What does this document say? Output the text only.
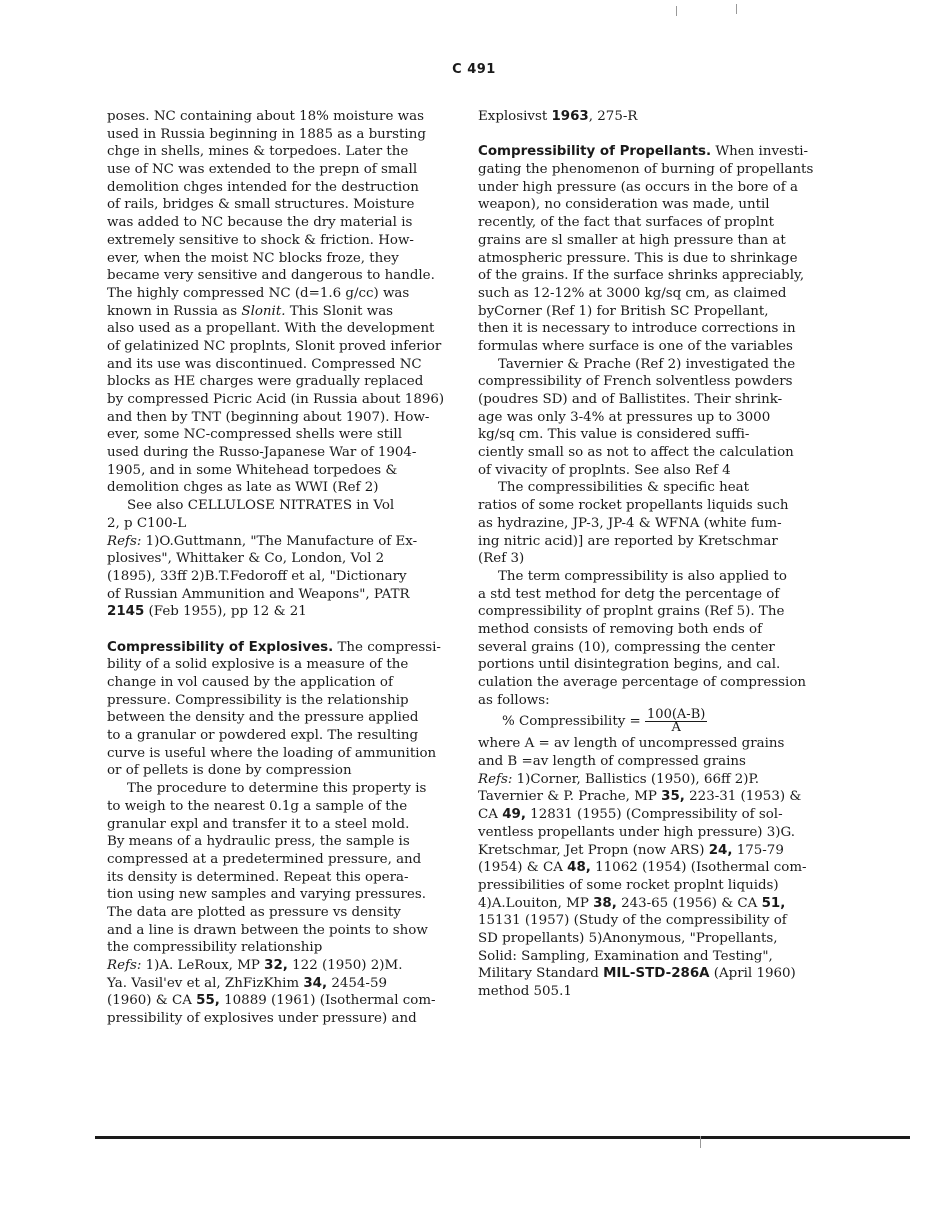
C 491
poses. NC containing about 18% moisture was
used in Russia beginning in 1885 as a bursting
chge in shells, mines & torpedoes. Later the
use of NC was extended to the prepn of small
demolition chges intended for the destruction
of rails, bridges & small structures. Moisture
was added to NC because the dry material is
extremely sensitive to shock & friction. How-
ever, when the moist NC blocks froze, they
became very sensitive and dangerous to handle.
The highly compressed NC (d=1.6 g/cc) was
known in Russia as Slonit. This Slonit was
also used as a propellant. With the development
of gelatinized NC proplnts, Slonit proved inferior
and its use was discontinued. Compressed NC
blocks as HE charges were gradually replaced
by compressed Picric Acid (in Russia about 1896)
and then by TNT (beginning about 1907). How-
ever, some NC-compressed shells were still
used during the Russo-Japanese War of 1904-
1905, and in some Whitehead torpedoes &
demolition chges as late as WWI (Ref 2)
See also CELLULOSE NITRATES in Vol
2, p C100-L
Refs: 1)O.Guttmann, "The Manufacture of Ex-
plosives", Whittaker & Co, London, Vol 2
(1895), 33ff 2)B.T.Fedoroff et al, "Dictionary
of Russian Ammunition and Weapons", PATR
2145 (Feb 1955), pp 12 & 21
Compressibility of Explosives. The compressi-
bility of a solid explosive is a measure of the
change in vol caused by the application of
pressure. Compressibility is the relationship
between the density and the pressure applied
to a granular or powdered expl. The resulting
curve is useful where the loading of ammunition
or of pellets is done by compression
The procedure to determine this property is
to weigh to the nearest 0.1g a sample of the
granular expl and transfer it to a steel mold.
By means of a hydraulic press, the sample is
compressed at a predetermined pressure, and
its density is determined. Repeat this opera-
tion using new samples and varying pressures.
The data are plotted as pressure vs density
and a line is drawn between the points to show
the compressibility relationship
Refs: 1)A. LeRoux, MP 32, 122 (1950) 2)M.
Ya. Vasil'ev et al, ZhFizKhim 34, 2454-59
(1960) & CA 55, 10889 (1961) (Isothermal com-
pressibility of explosives under pressure) and
Explosivst 1963, 275-R
Compressibility of Propellants. When investi-
gating the phenomenon of burning of propellants
under high pressure (as occurs in the bore of a
weapon), no consideration was made, until
recently, of the fact that surfaces of proplnt
grains are sl smaller at high pressure than at
atmospheric pressure. This is due to shrinkage
of the grains. If the surface shrinks appreciably,
such as 12-12% at 3000 kg/sq cm, as claimed
byCorner (Ref 1) for British SC Propellant,
then it is necessary to introduce corrections in
formulas where surface is one of the variables
Tavernier & Prache (Ref 2) investigated the
compressibility of French solventless powders
(poudres SD) and of Ballistites. Their shrink-
age was only 3-4% at pressures up to 3000
kg/sq cm. This value is considered suffi-
ciently small so as not to affect the calculation
of vivacity of proplnts. See also Ref 4
The compressibilities & specific heat
ratios of some rocket propellants liquids such
as hydrazine, JP-3, JP-4 & WFNA (white fum-
ing nitric acid)] are reported by Kretschmar
(Ref 3)
The term compressibility is also applied to
a std test method for detg the percentage of
compressibility of proplnt grains (Ref 5). The
method consists of removing both ends of
several grains (10), compressing the center
portions until disintegration begins, and cal.
culation the average percentage of compression
as follows:
% Compressibility = $\frac{100(A-B)}{A}$
where A = av length of uncompressed grains
and B =av length of compressed grains
Refs: 1)Corner, Ballistics (1950), 66ff 2)P.
Tavernier & P. Prache, MP 35, 223-31 (1953) &
CA 49, 12831 (1955) (Compressibility of sol-
ventless propellants under high pressure) 3)G.
Kretschmar, Jet Propn (now ARS) 24, 175-79
(1954) & CA 48, 11062 (1954) (Isothermal com-
pressibilities of some rocket proplnt liquids)
4)A.Louiton, MP 38, 243-65 (1956) & CA 51,
15131 (1957) (Study of the compressibility of
SD propellants) 5)Anonymous, "Propellants,
Solid: Sampling, Examination and Testing",
Military Standard MIL-STD-286A (April 1960)
method 505.1
